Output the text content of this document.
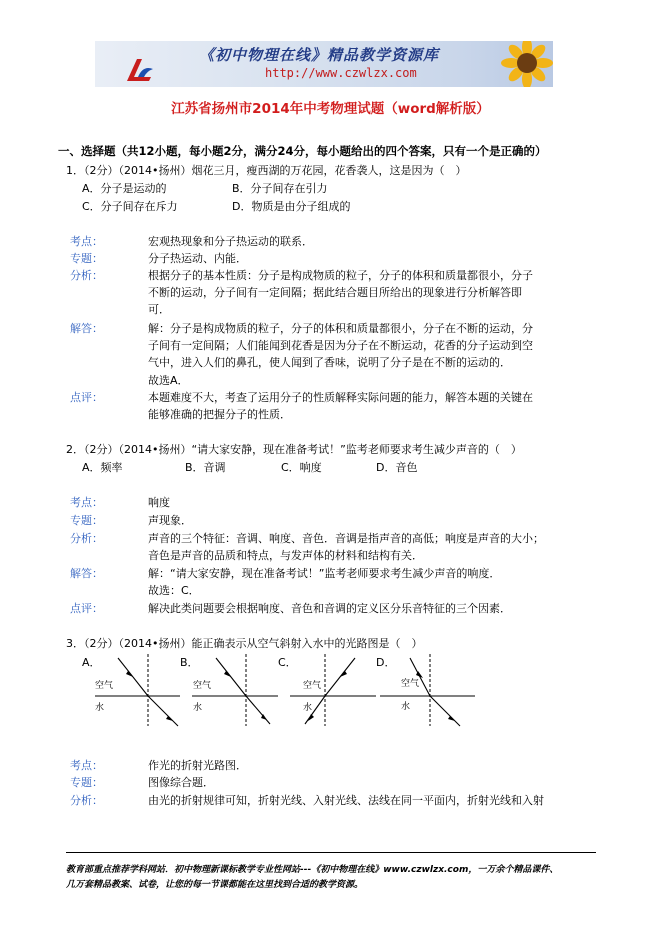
《初中物理在线》精品教学资源库
http://www.czwlzx.com
江苏省扬州市2014年中考物理试题（word解析版）
一、选择题（共12小题，每小题2分，满分24分，每小题给出的四个答案，只有一个是正确的）
1．（2分）（2014•扬州）烟花三月，瘦西湖的万花园，花香袭人，这是因为（　）
A．分子是运动的	B．分子间存在引力
C．分子间存在斥力	D．物质是由分子组成的
考点：	宏观热现象和分子热运动的联系．
专题：	分子热运动、内能．
分析：	根据分子的基本性质：分子是构成物质的粒子，分子的体积和质量都很小，分子
不断的运动，分子间有一定间隔；据此结合题目所给出的现象进行分析解答即
可．
解答：	解：分子是构成物质的粒子，分子的体积和质量都很小，分子在不断的运动，分
子间有一定间隔；人们能闻到花香是因为分子在不断运动，花香的分子运动到空
气中，进入人们的鼻孔，使人闻到了香味，说明了分子是在不断的运动的．
故选A．
点评：	本题难度不大，考查了运用分子的性质解释实际问题的能力，解答本题的关键在
能够准确的把握分子的性质．
2．（2分）（2014•扬州）“请大家安静，现在准备考试！”监考老师要求考生减少声音的（　）
A．频率	B．音调	C．响度	D．音色
考点：	响度
专题：	声现象．
分析：	声音的三个特征：音调、响度、音色．音调是指声音的高低；响度是声音的大小；
音色是声音的品质和特点，与发声体的材料和结构有关．
解答：	解：“请大家安静，现在准备考试！”监考老师要求考生减少声音的响度．
故选：C．
点评：	解决此类问题要会根据响度、音色和音调的定义区分乐音特征的三个因素．
3．（2分）（2014•扬州）能正确表示从空气斜射入水中的光路图是（　）
A．	B．	C．	D．
空气
水
空气
水
空气
水
空气
水
考点：	作光的折射光路图．
专题：	图像综合题．
分析：	由光的折射规律可知，折射光线、入射光线、法线在同一平面内，折射光线和入射
教育部重点推荐学科网站．初中物理新课标教学专业性网站---《初中物理在线》www.czwlzx.com，一万余个精品课件、
几万套精品教案、试卷，让您的每一节课都能在这里找到合适的教学资源。
